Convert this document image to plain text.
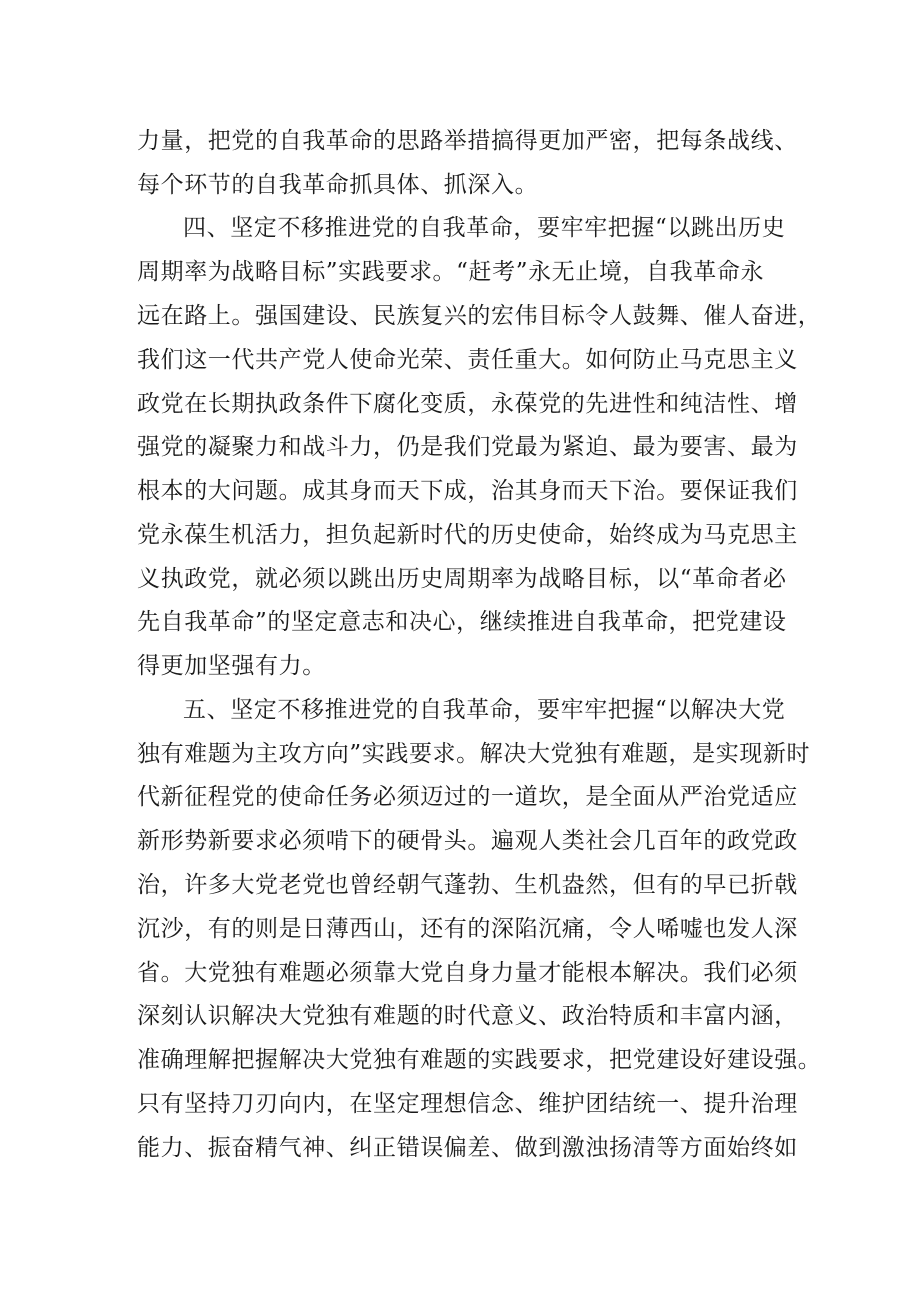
力量，把党的自我革命的思路举措搞得更加严密，把每条战线、
每个环节的自我革命抓具体、抓深入。
四、坚定不移推进党的自我革命，要牢牢把握“以跳出历史
周期率为战略目标”实践要求。“赶考”永无止境，自我革命永
远在路上。强国建设、民族复兴的宏伟目标令人鼓舞、催人奋进，
我们这一代共产党人使命光荣、责任重大。如何防止马克思主义
政党在长期执政条件下腐化变质，永葆党的先进性和纯洁性、增
强党的凝聚力和战斗力，仍是我们党最为紧迫、最为要害、最为
根本的大问题。成其身而天下成，治其身而天下治。要保证我们
党永葆生机活力，担负起新时代的历史使命，始终成为马克思主
义执政党，就必须以跳出历史周期率为战略目标，以“革命者必
先自我革命”的坚定意志和决心，继续推进自我革命，把党建设
得更加坚强有力。
五、坚定不移推进党的自我革命，要牢牢把握“以解决大党
独有难题为主攻方向”实践要求。解决大党独有难题，是实现新时
代新征程党的使命任务必须迈过的一道坎，是全面从严治党适应
新形势新要求必须啃下的硬骨头。遍观人类社会几百年的政党政
治，许多大党老党也曾经朝气蓬勃、生机盎然，但有的早已折戟
沉沙，有的则是日薄西山，还有的深陷沉痛，令人唏嘘也发人深
省。大党独有难题必须靠大党自身力量才能根本解决。我们必须
深刻认识解决大党独有难题的时代意义、政治特质和丰富内涵，
准确理解把握解决大党独有难题的实践要求，把党建设好建设强。
只有坚持刀刃向内，在坚定理想信念、维护团结统一、提升治理
能力、振奋精气神、纠正错误偏差、做到激浊扬清等方面始终如
